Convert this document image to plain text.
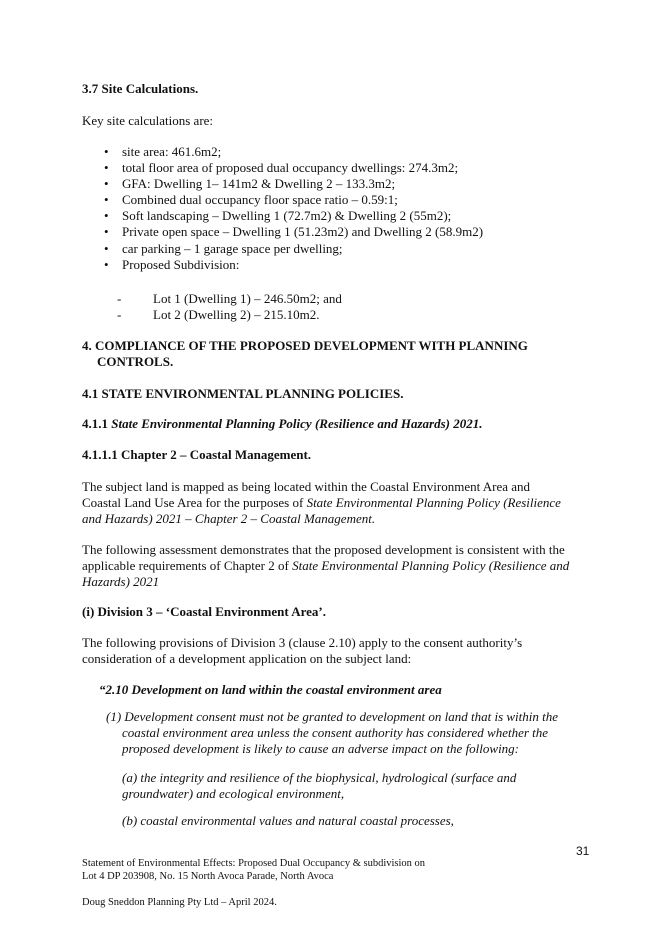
3.7 Site Calculations.
Key site calculations are:
• site area: 461.6m2;
• total floor area of proposed dual occupancy dwellings: 274.3m2;
• GFA: Dwelling 1– 141m2 & Dwelling 2 – 133.3m2;
• Combined dual occupancy floor space ratio – 0.59:1;
• Soft landscaping – Dwelling 1 (72.7m2) & Dwelling 2 (55m2);
• Private open space – Dwelling 1 (51.23m2) and Dwelling 2 (58.9m2)
• car parking – 1 garage space per dwelling;
• Proposed Subdivision:
- Lot 1 (Dwelling 1) – 246.50m2; and
- Lot 2 (Dwelling 2) – 215.10m2.
4. COMPLIANCE OF THE PROPOSED DEVELOPMENT WITH PLANNING
CONTROLS.
4.1 STATE ENVIRONMENTAL PLANNING POLICIES.
4.1.1 State Environmental Planning Policy (Resilience and Hazards) 2021.
4.1.1.1 Chapter 2 – Coastal Management.
The subject land is mapped as being located within the Coastal Environment Area and
Coastal Land Use Area for the purposes of State Environmental Planning Policy (Resilience
and Hazards) 2021 – Chapter 2 – Coastal Management.
The following assessment demonstrates that the proposed development is consistent with the
applicable requirements of Chapter 2 of State Environmental Planning Policy (Resilience and
Hazards) 2021
(i) Division 3 – ‘Coastal Environment Area’.
The following provisions of Division 3 (clause 2.10) apply to the consent authority’s
consideration of a development application on the subject land:
“2.10 Development on land within the coastal environment area
(1) Development consent must not be granted to development on land that is within the
coastal environment area unless the consent authority has considered whether the
proposed development is likely to cause an adverse impact on the following:
(a) the integrity and resilience of the biophysical, hydrological (surface and
groundwater) and ecological environment,
(b) coastal environmental values and natural coastal processes,
31
Statement of Environmental Effects: Proposed Dual Occupancy & subdivision on
Lot 4 DP 203908, No. 15 North Avoca Parade, North Avoca
Doug Sneddon Planning Pty Ltd – April 2024.
